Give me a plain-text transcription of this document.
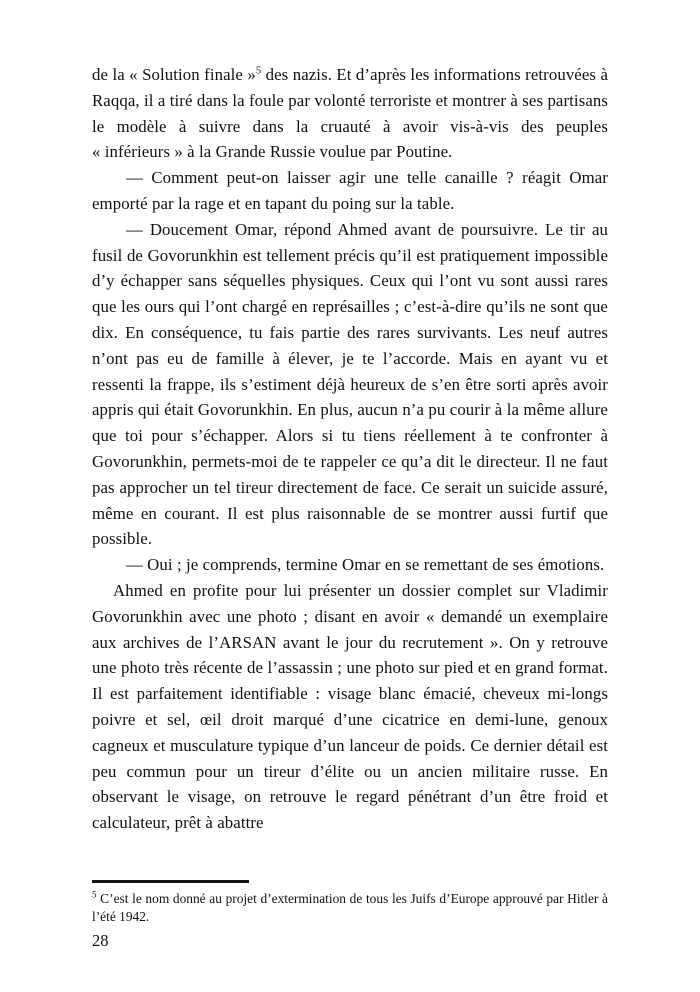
de la « Solution finale »$^5$ des nazis. Et d’après les informations retrouvées à Raqqa, il a tiré dans la foule par volonté terroriste et montrer à ses partisans le modèle à suivre dans la cruauté à avoir vis-à-vis des peuples « inférieurs » à la Grande Russie voulue par Poutine.

— Comment peut-on laisser agir une telle canaille ? réagit Omar emporté par la rage et en tapant du poing sur la table.

— Doucement Omar, répond Ahmed avant de poursuivre. Le tir au fusil de Govorunkhin est tellement précis qu’il est pratiquement impossible d’y échapper sans séquelles physiques. Ceux qui l’ont vu sont aussi rares que les ours qui l’ont chargé en représailles ; c’est-à-dire qu’ils ne sont que dix. En conséquence, tu fais partie des rares survivants. Les neuf autres n’ont pas eu de famille à élever, je te l’accorde. Mais en ayant vu et ressenti la frappe, ils s’estiment déjà heureux de s’en être sorti après avoir appris qui était Govorunkhin. En plus, aucun n’a pu courir à la même allure que toi pour s’échapper. Alors si tu tiens réellement à te confronter à Govorunkhin, permets-moi de te rappeler ce qu’a dit le directeur. Il ne faut pas approcher un tel tireur directement de face. Ce serait un suicide assuré, même en courant. Il est plus raisonnable de se montrer aussi furtif que possible.

— Oui ; je comprends, termine Omar en se remettant de ses émotions.

Ahmed en profite pour lui présenter un dossier complet sur Vladimir Govorunkhin avec une photo ; disant en avoir « demandé un exemplaire aux archives de l’ARSAN avant le jour du recrutement ». On y retrouve une photo très récente de l’assassin ; une photo sur pied et en grand format. Il est parfaitement identifiable : visage blanc émacié, cheveux mi-longs poivre et sel, œil droit marqué d’une cicatrice en demi-lune, genoux cagneux et musculature typique d’un lanceur de poids. Ce dernier détail est peu commun pour un tireur d’élite ou un ancien militaire russe. En observant le visage, on retrouve le regard pénétrant d’un être froid et calculateur, prêt à abattre

$^5$ C’est le nom donné au projet d’extermination de tous les Juifs d’Europe approuvé par Hitler à l’été 1942.

28
